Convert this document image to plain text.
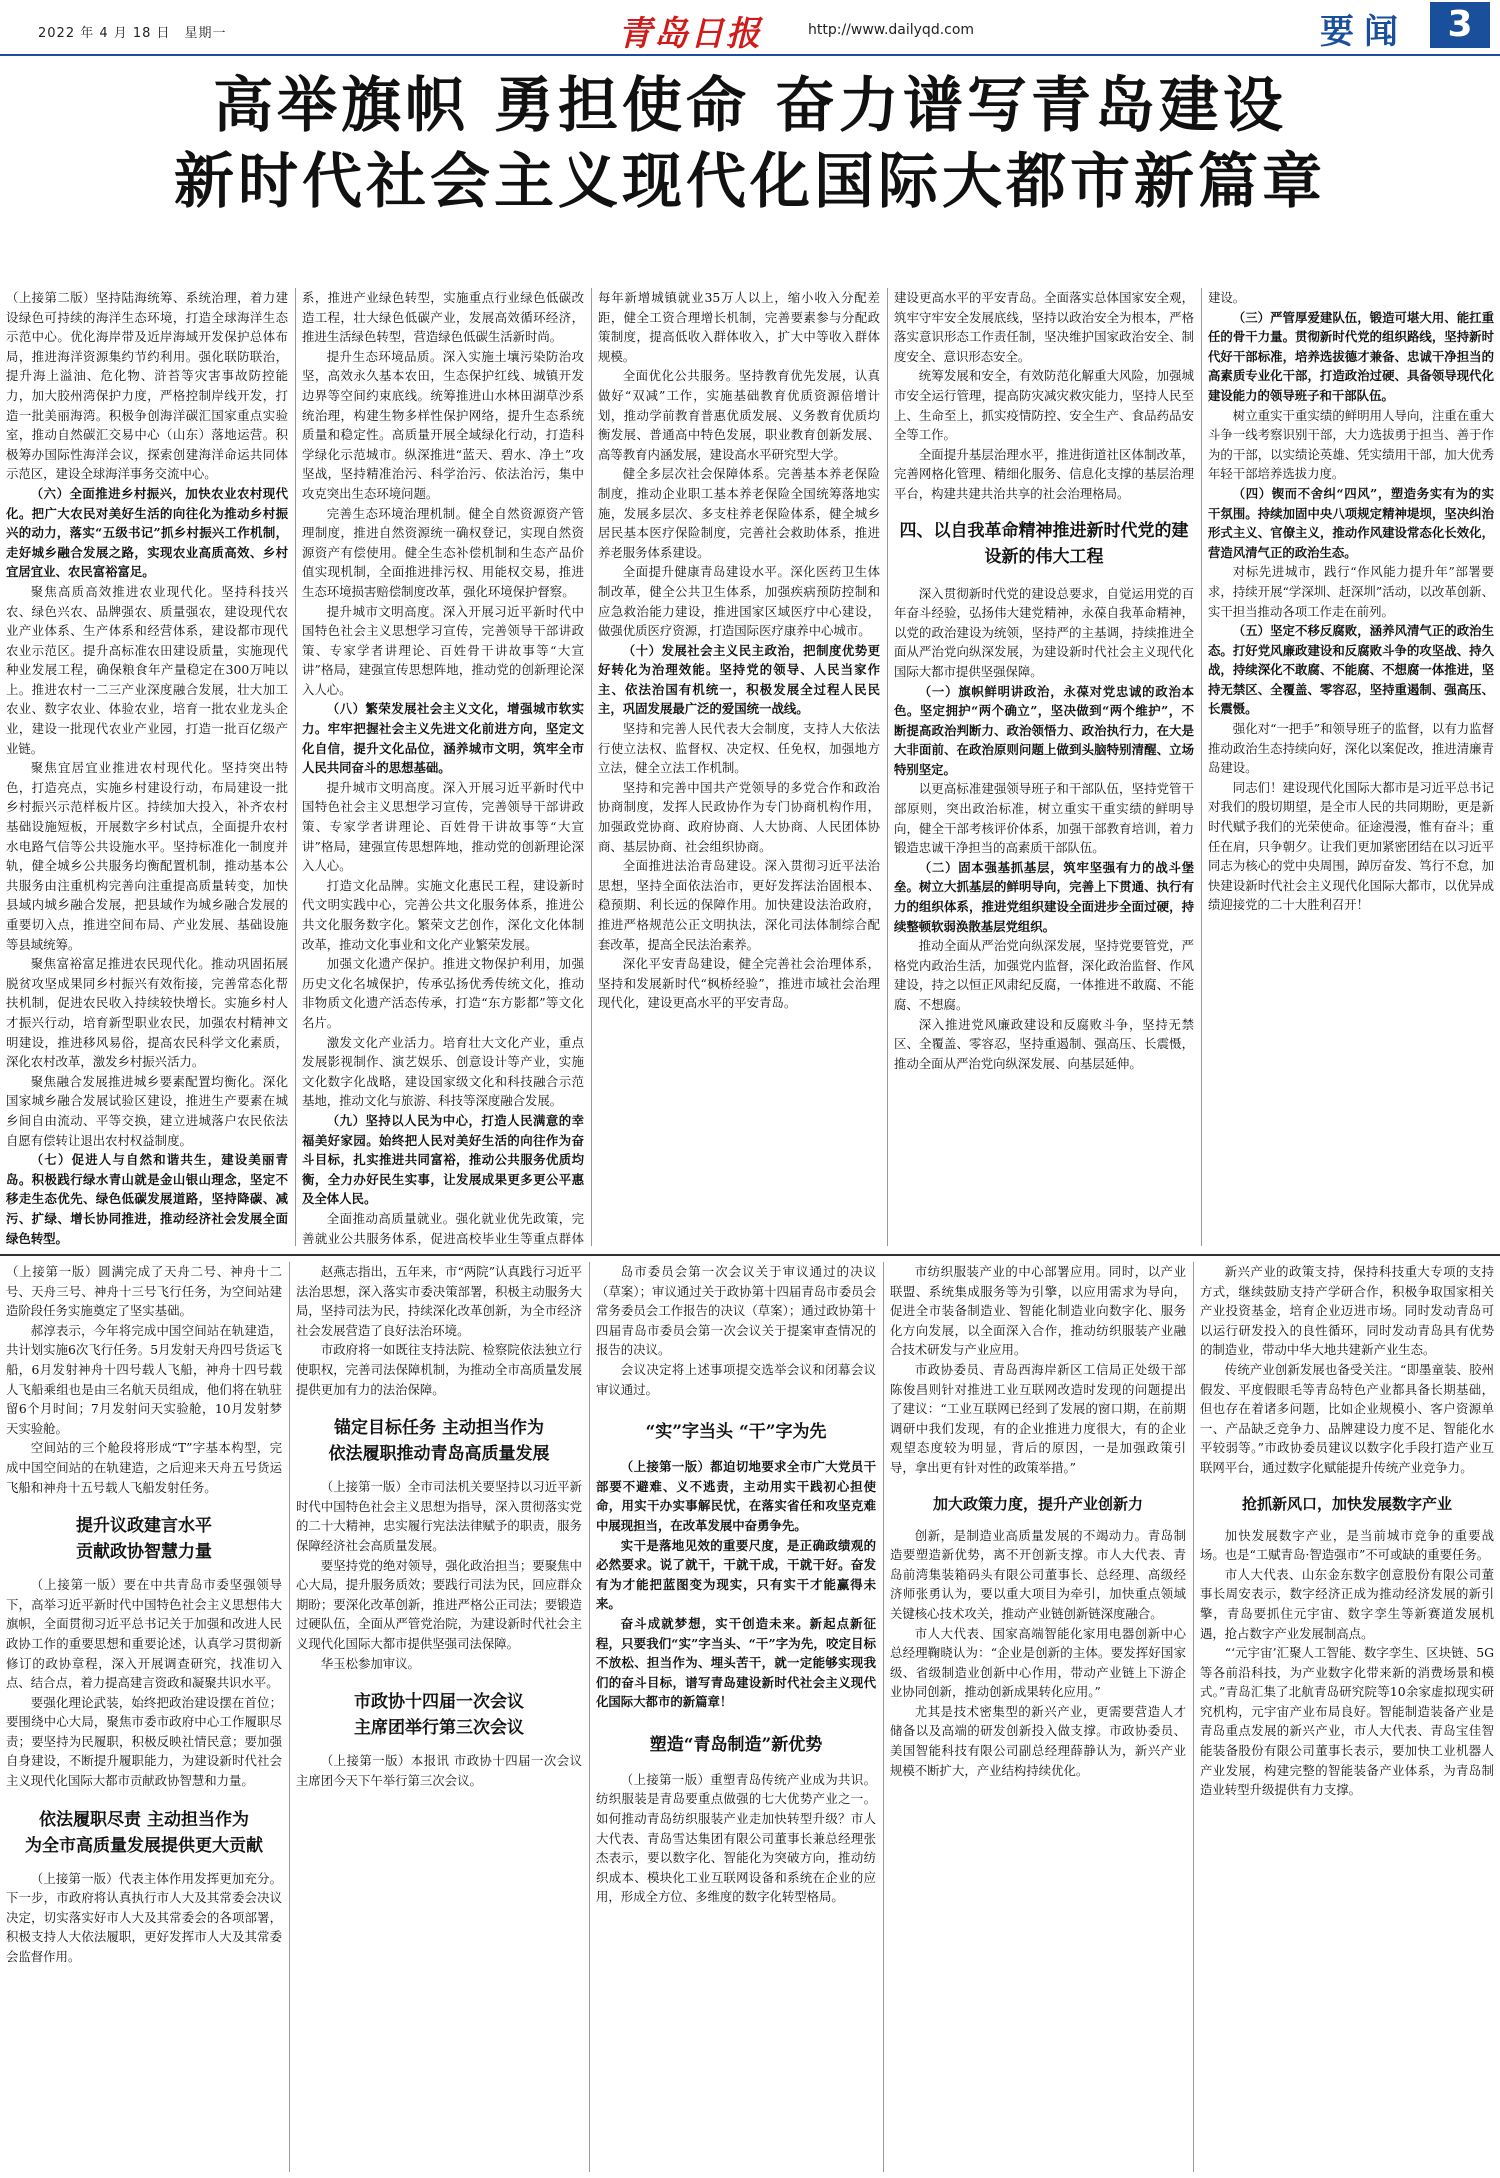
2022 年 4 月 18 日　星期一	青岛日报	http://www.dailyqd.com	要闻	3
高举旗帜 勇担使命 奋力谱写青岛建设
新时代社会主义现代化国际大都市新篇章

（上接第二版）坚持陆海统筹、系统治理，着力建设绿色可持续的海洋生态环境，打造全球海洋生态示范中心。优化海岸带及近岸海域开发保护总体布局，推进海洋资源集约节约利用。强化联防联治，提升海上溢油、危化物、浒苔等灾害事故防控能力，加大胶州湾保护力度，严格控制岸线开发，打造一批美丽海湾。积极争创海洋碳汇国家重点实验室，推动自然碳汇交易中心（山东）落地运营。积极筹办国际性海洋会议，探索创建海洋命运共同体示范区，建设全球海洋事务交流中心。

（六）全面推进乡村振兴，加快农业农村现代化。把广大农民对美好生活的向往化为推动乡村振兴的动力，落实“五级书记”抓乡村振兴工作机制，走好城乡融合发展之路，实现农业高质高效、乡村宜居宜业、农民富裕富足。

聚焦高质高效推进农业现代化。坚持科技兴农、绿色兴农、品牌强农、质量强农，建设现代农业产业体系、生产体系和经营体系，建设都市现代农业示范区。提升高标准农田建设质量，实施现代种业发展工程，确保粮食年产量稳定在300万吨以上。推进农村一二三产业深度融合发展，壮大加工农业、数字农业、体验农业，培育一批农业龙头企业，建设一批现代农业产业园，打造一批百亿级产业链。

聚焦宜居宜业推进农村现代化。坚持突出特色，打造亮点，实施乡村建设行动，布局建设一批乡村振兴示范样板片区。持续加大投入，补齐农村基础设施短板，开展数字乡村试点，全面提升农村水电路气信等公共设施水平。坚持标准化一制度并轨，健全城乡公共服务均衡配置机制，推动基本公共服务由注重机构完善向注重提高质量转变，加快县域内城乡融合发展，把县域作为城乡融合发展的重要切入点，推进空间布局、产业发展、基础设施等县域统筹。

聚焦富裕富足推进农民现代化。推动巩固拓展脱贫攻坚成果同乡村振兴有效衔接，完善常态化帮扶机制，促进农民收入持续较快增长。实施乡村人才振兴行动，培育新型职业农民，加强农村精神文明建设，推进移风易俗，提高农民科学文化素质，深化农村改革，激发乡村振兴活力。

聚焦融合发展推进城乡要素配置均衡化。深化国家城乡融合发展试验区建设，推进生产要素在城乡间自由流动、平等交换，建立进城落户农民依法自愿有偿转让退出农村权益制度。

（七）促进人与自然和谐共生，建设美丽青岛。积极践行绿水青山就是金山银山理念，坚定不移走生态优先、绿色低碳发展道路，坚持降碳、减污、扩绿、增长协同推进，推动经济社会发展全面绿色转型。

系，推进产业绿色转型，实施重点行业绿色低碳改造工程，壮大绿色低碳产业，发展高效循环经济，推进生活绿色转型，营造绿色低碳生活新时尚。

提升生态环境品质。深入实施土壤污染防治攻坚，高效永久基本农田，生态保护红线、城镇开发边界等空间约束底线。统筹推进山水林田湖草沙系统治理，构建生物多样性保护网络，提升生态系统质量和稳定性。高质量开展全域绿化行动，打造科学绿化示范城市。纵深推进“蓝天、碧水、净土”攻坚战，坚持精准治污、科学治污、依法治污，集中攻克突出生态环境问题。

完善生态环境治理机制。健全自然资源资产管理制度，推进自然资源统一确权登记，实现自然资源资产有偿使用。健全生态补偿机制和生态产品价值实现机制，全面推进排污权、用能权交易，推进生态环境损害赔偿制度改革，强化环境保护督察。

提升城市文明高度。深入开展习近平新时代中国特色社会主义思想学习宣传，完善领导干部讲政策、专家学者讲理论、百姓骨干讲故事等“大宣讲”格局，建强宣传思想阵地，推动党的创新理论深入人心。

（八）繁荣发展社会主义文化，增强城市软实力。牢牢把握社会主义先进文化前进方向，坚定文化自信，提升文化品位，涵养城市文明，筑牢全市人民共同奋斗的思想基础。

提升城市文明高度。深入开展习近平新时代中国特色社会主义思想学习宣传，完善领导干部讲政策、专家学者讲理论、百姓骨干讲故事等“大宣讲”格局，建强宣传思想阵地，推动党的创新理论深入人心。

打造文化品牌。实施文化惠民工程，建设新时代文明实践中心，完善公共文化服务体系，推进公共文化服务数字化。繁荣文艺创作，深化文化体制改革，推动文化事业和文化产业繁荣发展。

加强文化遗产保护。推进文物保护利用，加强历史文化名城保护，传承弘扬优秀传统文化，推动非物质文化遗产活态传承，打造“东方影都”等文化名片。

激发文化产业活力。培育壮大文化产业，重点发展影视制作、演艺娱乐、创意设计等产业，实施文化数字化战略，建设国家级文化和科技融合示范基地，推动文化与旅游、科技等深度融合发展。

（九）坚持以人民为中心，打造人民满意的幸福美好家园。始终把人民对美好生活的向往作为奋斗目标，扎实推进共同富裕，推动公共服务优质均衡，全力办好民生实事，让发展成果更多更公平惠及全体人民。

全面推动高质量就业。强化就业优先政策，完善就业公共服务体系，促进高校毕业生等重点群体

每年新增城镇就业35万人以上，缩小收入分配差距，健全工资合理增长机制，完善要素参与分配政策制度，提高低收入群体收入，扩大中等收入群体规模。

全面优化公共服务。坚持教育优先发展，认真做好“双减”工作，实施基础教育优质资源倍增计划，推动学前教育普惠优质发展、义务教育优质均衡发展、普通高中特色发展，职业教育创新发展、高等教育内涵发展，建设高水平研究型大学。

健全多层次社会保障体系。完善基本养老保险制度，推动企业职工基本养老保险全国统筹落地实施，发展多层次、多支柱养老保险体系，健全城乡居民基本医疗保险制度，完善社会救助体系，推进养老服务体系建设。

全面提升健康青岛建设水平。深化医药卫生体制改革，健全公共卫生体系，加强疾病预防控制和应急救治能力建设，推进国家区域医疗中心建设，做强优质医疗资源，打造国际医疗康养中心城市。

（十）发展社会主义民主政治，把制度优势更好转化为治理效能。坚持党的领导、人民当家作主、依法治国有机统一，积极发展全过程人民民主，巩固发展最广泛的爱国统一战线。

坚持和完善人民代表大会制度，支持人大依法行使立法权、监督权、决定权、任免权，加强地方立法，健全立法工作机制。

坚持和完善中国共产党领导的多党合作和政治协商制度，发挥人民政协作为专门协商机构作用，加强政党协商、政府协商、人大协商、人民团体协商、基层协商、社会组织协商。

全面推进法治青岛建设。深入贯彻习近平法治思想，坚持全面依法治市，更好发挥法治固根本、稳预期、利长远的保障作用。加快建设法治政府，推进严格规范公正文明执法，深化司法体制综合配套改革，提高全民法治素养。

深化平安青岛建设，健全完善社会治理体系，坚持和发展新时代“枫桥经验”，推进市域社会治理现代化，建设更高水平的平安青岛。

建设更高水平的平安青岛。全面落实总体国家安全观，筑牢守牢安全发展底线，坚持以政治安全为根本，严格落实意识形态工作责任制，坚决维护国家政治安全、制度安全、意识形态安全。

统筹发展和安全，有效防范化解重大风险，加强城市安全运行管理，提高防灾减灾救灾能力，坚持人民至上、生命至上，抓实疫情防控、安全生产、食品药品安全等工作。

全面提升基层治理水平，推进街道社区体制改革，完善网格化管理、精细化服务、信息化支撑的基层治理平台，构建共建共治共享的社会治理格局。

四、以自我革命精神推进新时代党的建设新的伟大工程

深入贯彻新时代党的建设总要求，自觉运用党的百年奋斗经验，弘扬伟大建党精神，永葆自我革命精神，以党的政治建设为统领，坚持严的主基调，持续推进全面从严治党向纵深发展，为建设新时代社会主义现代化国际大都市提供坚强保障。

（一）旗帜鲜明讲政治，永葆对党忠诚的政治本色。坚定拥护“两个确立”，坚决做到“两个维护”，不断提高政治判断力、政治领悟力、政治执行力，在大是大非面前、在政治原则问题上做到头脑特别清醒、立场特别坚定。

以更高标准建强领导班子和干部队伍，坚持党管干部原则，突出政治标准，树立重实干重实绩的鲜明导向，健全干部考核评价体系，加强干部教育培训，着力锻造忠诚干净担当的高素质干部队伍。

（二）固本强基抓基层，筑牢坚强有力的战斗堡垒。树立大抓基层的鲜明导向，完善上下贯通、执行有力的组织体系，推进党组织建设全面进步全面过硬，持续整顿软弱涣散基层党组织。

推动全面从严治党向纵深发展，坚持党要管党，严格党内政治生活，加强党内监督，深化政治监督、作风建设，持之以恒正风肃纪反腐，一体推进不敢腐、不能腐、不想腐。

深入推进党风廉政建设和反腐败斗争，坚持无禁区、全覆盖、零容忍，坚持重遏制、强高压、长震慑，推动全面从严治党向纵深发展、向基层延伸。

建设。

（三）严管厚爱建队伍，锻造可堪大用、能扛重任的骨干力量。贯彻新时代党的组织路线，坚持新时代好干部标准，培养选拔德才兼备、忠诚干净担当的高素质专业化干部，打造政治过硬、具备领导现代化建设能力的领导班子和干部队伍。

树立重实干重实绩的鲜明用人导向，注重在重大斗争一线考察识别干部，大力选拔勇于担当、善于作为的干部，以实绩论英雄、凭实绩用干部，加大优秀年轻干部培养选拔力度。

（四）锲而不舍纠“四风”，塑造务实有为的实干氛围。持续加固中央八项规定精神堤坝，坚决纠治形式主义、官僚主义，推动作风建设常态化长效化，营造风清气正的政治生态。

对标先进城市，践行“作风能力提升年”部署要求，持续开展“学深圳、赶深圳”活动，以改革创新、实干担当推动各项工作走在前列。

（五）坚定不移反腐败，涵养风清气正的政治生态。打好党风廉政建设和反腐败斗争的攻坚战、持久战，持续深化不敢腐、不能腐、不想腐一体推进，坚持无禁区、全覆盖、零容忍，坚持重遏制、强高压、长震慑。

强化对“一把手”和领导班子的监督，以有力监督推动政治生态持续向好，深化以案促改，推进清廉青岛建设。

同志们！建设现代化国际大都市是习近平总书记对我们的殷切期望，是全市人民的共同期盼，更是新时代赋予我们的光荣使命。征途漫漫，惟有奋斗；重任在肩，只争朝夕。让我们更加紧密团结在以习近平同志为核心的党中央周围，踔厉奋发、笃行不怠，加快建设新时代社会主义现代化国际大都市，以优异成绩迎接党的二十大胜利召开！

（上接第一版）圆满完成了天舟二号、神舟十二号、天舟三号、神舟十三号飞行任务，为空间站建造阶段任务实施奠定了坚实基础。

郝淳表示，今年将完成中国空间站在轨建造，共计划实施6次飞行任务。5月发射天舟四号货运飞船，6月发射神舟十四号载人飞船，神舟十四号载人飞船乘组也是由三名航天员组成，他们将在轨驻留6个月时间；7月发射问天实验舱，10月发射梦天实验舱。

空间站的三个舱段将形成“T”字基本构型，完成中国空间站的在轨建造，之后迎来天舟五号货运飞船和神舟十五号载人飞船发射任务。

提升议政建言水平
贡献政协智慧力量

（上接第一版）要在中共青岛市委坚强领导下，高举习近平新时代中国特色社会主义思想伟大旗帜，全面贯彻习近平总书记关于加强和改进人民政协工作的重要思想和重要论述，认真学习贯彻新修订的政协章程，深入开展调查研究，找准切入点、结合点，着力提高建言资政和凝聚共识水平。

要强化理论武装，始终把政治建设摆在首位；要围绕中心大局，聚焦市委市政府中心工作履职尽责；要坚持为民履职，积极反映社情民意；要加强自身建设，不断提升履职能力，为建设新时代社会主义现代化国际大都市贡献政协智慧和力量。

依法履职尽责 主动担当作为
为全市高质量发展提供更大贡献

（上接第一版）代表主体作用发挥更加充分。下一步，市政府将认真执行市人大及其常委会决议决定，切实落实好市人大及其常委会的各项部署，积极支持人大依法履职，更好发挥市人大及其常委会监督作用。

赵燕志指出，五年来，市“两院”认真践行习近平法治思想，深入落实市委决策部署，积极主动服务大局，坚持司法为民，持续深化改革创新，为全市经济社会发展营造了良好法治环境。

市政府将一如既往支持法院、检察院依法独立行使职权，完善司法保障机制，为推动全市高质量发展提供更加有力的法治保障。

锚定目标任务 主动担当作为
依法履职推动青岛高质量发展

（上接第一版）全市司法机关要坚持以习近平新时代中国特色社会主义思想为指导，深入贯彻落实党的二十大精神，忠实履行宪法法律赋予的职责，服务保障经济社会高质量发展。

要坚持党的绝对领导，强化政治担当；要聚焦中心大局，提升服务质效；要践行司法为民，回应群众期盼；要深化改革创新，推进严格公正司法；要锻造过硬队伍，全面从严管党治院，为建设新时代社会主义现代化国际大都市提供坚强司法保障。

华玉松参加审议。

市政协十四届一次会议
主席团举行第三次会议

（上接第一版）本报讯 市政协十四届一次会议主席团今天下午举行第三次会议。

岛市委员会第一次会议关于审议通过的决议（草案）；审议通过关于政协第十四届青岛市委员会常务委员会工作报告的决议（草案）；通过政协第十四届青岛市委员会第一次会议关于提案审查情况的报告的决议。

会议决定将上述事项提交选举会议和闭幕会议审议通过。

“实”字当头 “干”字为先

（上接第一版）都迫切地要求全市广大党员干部要不避难、义不逃责，主动用实干践初心担使命，用实干办实事解民忧，在落实省任和攻坚克难中展现担当，在改革发展中奋勇争先。

实干是落地见效的重要尺度，是正确政绩观的必然要求。说了就干，干就干成，干就干好。奋发有为才能把蓝图变为现实，只有实干才能赢得未来。

奋斗成就梦想，实干创造未来。新起点新征程，只要我们“实”字当头、“干”字为先，咬定目标不放松、担当作为、埋头苦干，就一定能够实现我们的奋斗目标，谱写青岛建设新时代社会主义现代化国际大都市的新篇章！

塑造“青岛制造”新优势

（上接第一版）重塑青岛传统产业成为共识。纺织服装是青岛要重点做强的七大优势产业之一。如何推动青岛纺织服装产业走加快转型升级？市人大代表、青岛雪达集团有限公司董事长兼总经理张杰表示，要以数字化、智能化为突破方向，推动纺织成本、模块化工业互联网设备和系统在企业的应用，形成全方位、多维度的数字化转型格局。

市纺织服装产业的中心部署应用。同时，以产业联盟、系统集成服务等为引擎，以应用需求为导向，促进全市装备制造业、智能化制造业向数字化、服务化方向发展，以全面深入合作，推动纺织服装产业融合技术研发与产业应用。

市政协委员、青岛西海岸新区工信局正处级干部陈俊昌则针对推进工业互联网改造时发现的问题提出了建议：“工业互联网已经到了发展的窗口期，在前期调研中我们发现，有的企业推进力度很大，有的企业观望态度较为明显，背后的原因，一是加强政策引导，拿出更有针对性的政策举措。”

加大政策力度，提升产业创新力

创新，是制造业高质量发展的不竭动力。青岛制造要塑造新优势，离不开创新支撑。市人大代表、青岛前湾集装箱码头有限公司董事长、总经理、高级经济师张勇认为，要以重大项目为牵引，加快重点领域关键核心技术攻关，推动产业链创新链深度融合。

市人大代表、国家高端智能化家用电器创新中心总经理鞠晓认为：“企业是创新的主体。要发挥好国家级、省级制造业创新中心作用，带动产业链上下游企业协同创新，推动创新成果转化应用。”

尤其是技术密集型的新兴产业，更需要营造人才储备以及高端的研发创新投入做支撑。市政协委员、美国智能科技有限公司副总经理薛静认为，新兴产业规模不断扩大，产业结构持续优化。

新兴产业的政策支持，保持科技重大专项的支持方式，继续鼓励支持产学研合作，积极争取国家相关产业投资基金，培育企业迈进市场。同时发动青岛可以运行研发投入的良性循环，同时发动青岛具有优势的制造业，带动中华大地共建新产业生态。

传统产业创新发展也备受关注。“即墨童装、胶州假发、平度假眼毛等青岛特色产业都具备长期基础，但也存在着诸多问题，比如企业规模小、客户资源单一、产品缺乏竞争力、品牌建设力度不足、智能化水平较弱等。”市政协委员建议以数字化手段打造产业互联网平台，通过数字化赋能提升传统产业竞争力。

抢抓新风口，加快发展数字产业

加快发展数字产业，是当前城市竞争的重要战场。也是“工赋青岛·智造强市”不可或缺的重要任务。

市人大代表、山东金东数字创意股份有限公司董事长周安表示，数字经济正成为推动经济发展的新引擎，青岛要抓住元宇宙、数字孪生等新赛道发展机遇，抢占数字产业发展制高点。

“‘元宇宙’汇聚人工智能、数字孪生、区块链、5G等各前沿科技，为产业数字化带来新的消费场景和模式。”青岛汇集了北航青岛研究院等10余家虚拟现实研究机构，元宇宙产业布局良好。智能制造装备产业是青岛重点发展的新兴产业，市人大代表、青岛宝佳智能装备股份有限公司董事长表示，要加快工业机器人产业发展，构建完整的智能装备产业体系，为青岛制造业转型升级提供有力支撑。
